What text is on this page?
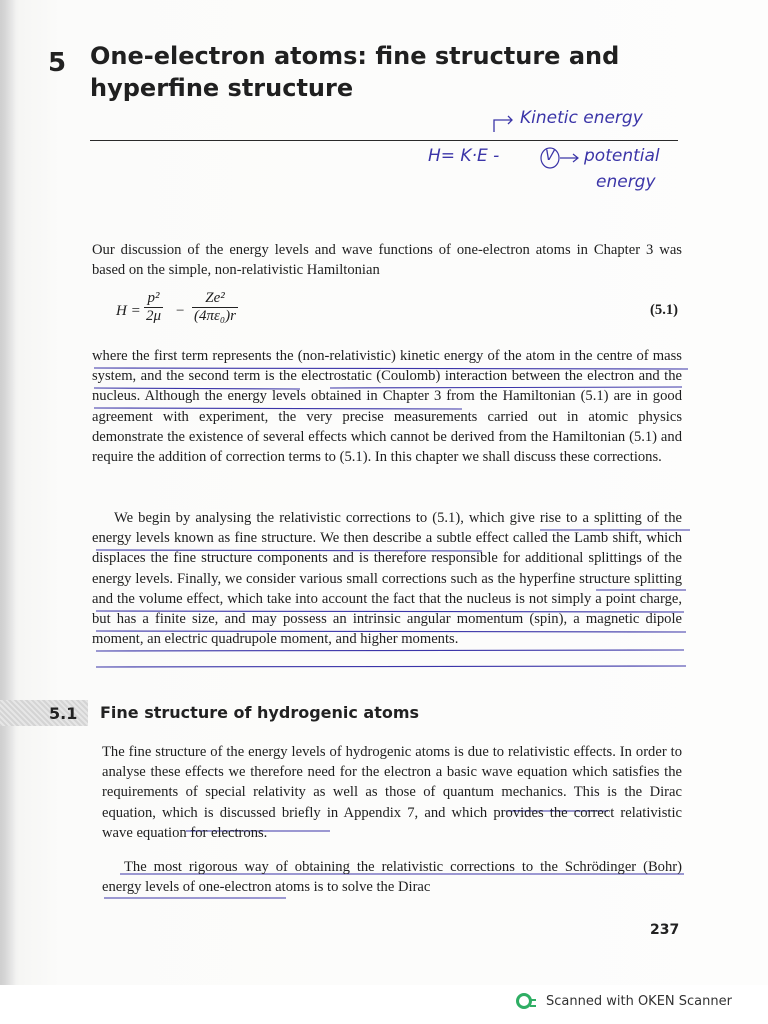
5 One-electron atoms: fine structure and hyperfine structure
Kinetic energy
H= K·E -	V potential
energy

Our discussion of the energy levels and wave functions of one-electron atoms in Chapter 3 was based on the simple, non-relativistic Hamiltonian

$H = \frac{\text{p²}}{2\mu} - \frac{\text{Ze²}}{\text{(4πε₀)r}}$	(5.1)

where the first term represents the (non-relativistic) kinetic energy of the atom in the centre of mass system, and the second term is the electrostatic (Coulomb) interaction between the electron and the nucleus. Although the energy levels obtained in Chapter 3 from the Hamiltonian (5.1) are in good agreement with experiment, the very precise measurements carried out in atomic physics demonstrate the existence of several effects which cannot be derived from the Hamiltonian (5.1) and require the addition of correction terms to (5.1). In this chapter we shall discuss these corrections.

We begin by analysing the relativistic corrections to (5.1), which give rise to a splitting of the energy levels known as fine structure. We then describe a subtle effect called the Lamb shift, which displaces the fine structure components and is therefore responsible for additional splittings of the energy levels. Finally, we consider various small corrections such as the hyperfine structure splitting and the volume effect, which take into account the fact that the nucleus is not simply a point charge, but has a finite size, and may possess an intrinsic angular momentum (spin), a magnetic dipole moment, an electric quadrupole moment, and higher moments.

5.1 Fine structure of hydrogenic atoms

The fine structure of the energy levels of hydrogenic atoms is due to relativistic effects. In order to analyse these effects we therefore need for the electron a basic wave equation which satisfies the requirements of special relativity as well as those of quantum mechanics. This is the Dirac equation, which is discussed briefly in Appendix 7, and which provides the correct relativistic wave equation for electrons.

The most rigorous way of obtaining the relativistic corrections to the Schrödinger (Bohr) energy levels of one-electron atoms is to solve the Dirac

237
Scanned with OKEN Scanner
